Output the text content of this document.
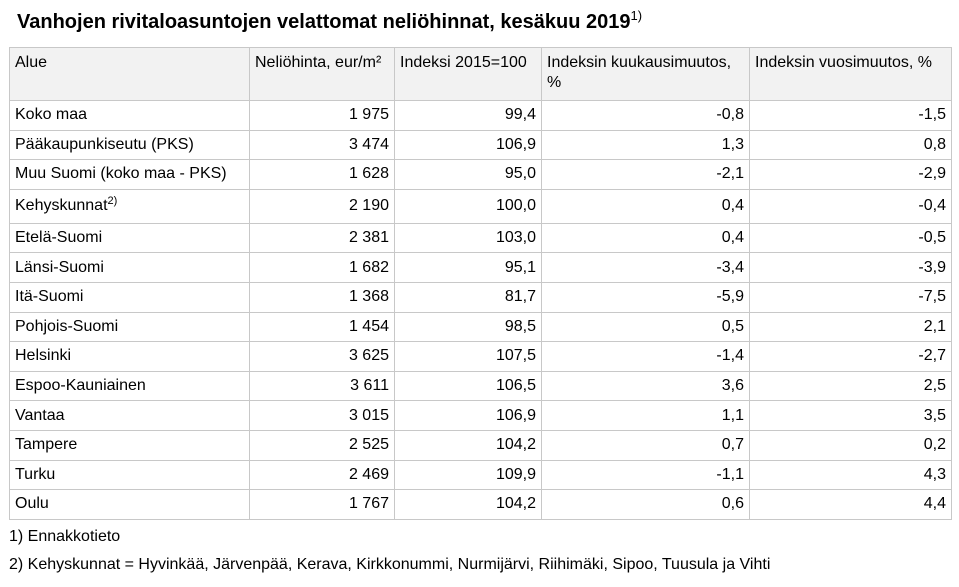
Vanhojen rivitaloasuntojen velattomat neliöhinnat, kesäkuu 2019$^{1)}$
Alue	Neliöhinta, eur/m²	Indeksi 2015=100	Indeksin kuukausimuutos, %	Indeksin vuosimuutos, %
Koko maa	1 975	99,4	-0,8	-1,5
Pääkaupunkiseutu (PKS)	3 474	106,9	1,3	0,8
Muu Suomi (koko maa - PKS)	1 628	95,0	-2,1	-2,9
Kehyskunnat$^{2)}$	2 190	100,0	0,4	-0,4
Etelä-Suomi	2 381	103,0	0,4	-0,5
Länsi-Suomi	1 682	95,1	-3,4	-3,9
Itä-Suomi	1 368	81,7	-5,9	-7,5
Pohjois-Suomi	1 454	98,5	0,5	2,1
Helsinki	3 625	107,5	-1,4	-2,7
Espoo-Kauniainen	3 611	106,5	3,6	2,5
Vantaa	3 015	106,9	1,1	3,5
Tampere	2 525	104,2	0,7	0,2
Turku	2 469	109,9	-1,1	4,3
Oulu	1 767	104,2	0,6	4,4
1) Ennakkotieto
2) Kehyskunnat = Hyvinkää, Järvenpää, Kerava, Kirkkonummi, Nurmijärvi, Riihimäki, Sipoo, Tuusula ja Vihti
